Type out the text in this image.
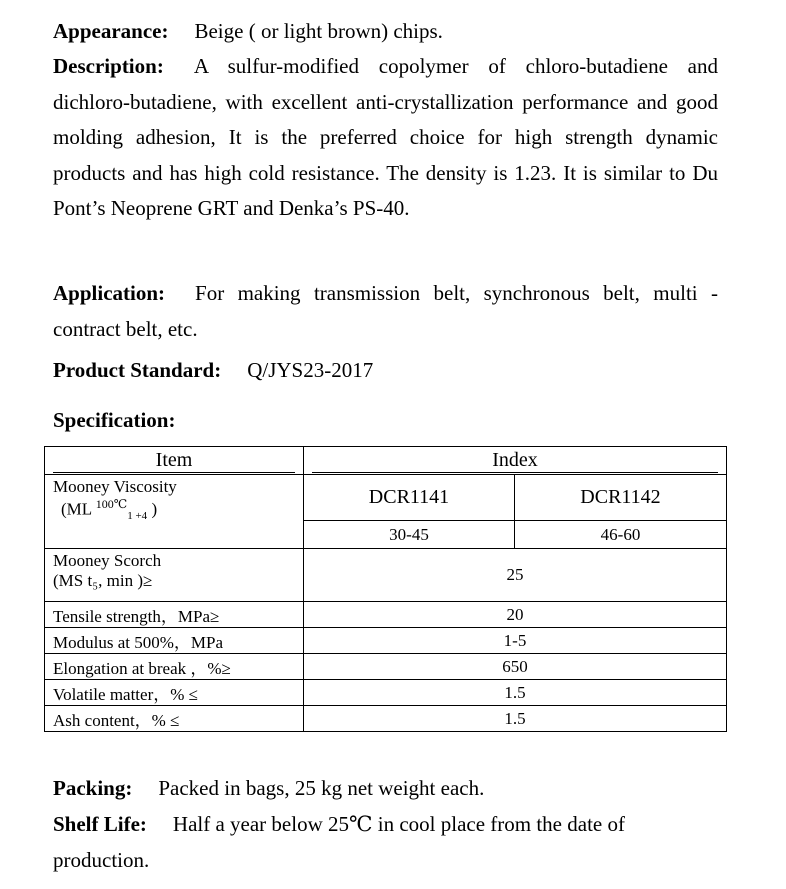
Appearance: Beige ( or light brown) chips.

Description: A sulfur-modified copolymer of chloro-butadiene and dichloro-butadiene, with excellent anti-crystallization performance and good molding adhesion, It is the preferred choice for high strength dynamic products and has high cold resistance. The density is 1.23. It is similar to Du Pont’s Neoprene GRT and Denka’s PS-40.

Application: For making transmission belt, synchronous belt, multi - contract belt, etc.

Product Standard: Q/JYS23-2017

Specification:

Item	Index	

Mooney Viscosity
(ML $^{100℃}_{1 +4}$ )	DCR1141	DCR1142
	30-45	46-60

Mooney Scorch
(MS t₅, min )≥	25	
Tensile strength，MPa≥	20	
Modulus at 500%，MPa	1-5	
Elongation at break ，%≥	650	
Volatile matter，% ≤	1.5	
Ash content，% ≤	1.5	

Packing: Packed in bags, 25 kg net weight each.

Shelf Life: Half a year below 25℃ in cool place from the date of production.
